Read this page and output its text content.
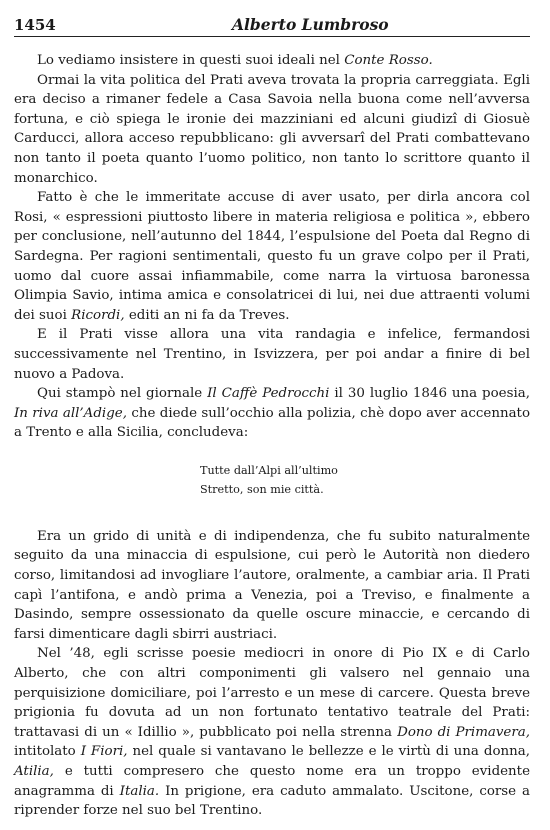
1454	Alberto Lumbroso

Lo vediamo insistere in questi suoi ideali nel Conte Rosso.

Ormai la vita politica del Prati aveva trovata la propria carreggiata. Egli era deciso a rimaner fedele a Casa Savoia nella buona come nell’avversa fortuna, e ciò spiega le ironie dei mazziniani ed alcuni giudizî di Giosuè Carducci, allora acceso repubblicano: gli avversarî del Prati combattevano non tanto il poeta quanto l’uomo politico, non tanto lo scrittore quanto il monarchico.

Fatto è che le immeritate accuse di aver usato, per dirla ancora col Rosi, « espressioni piuttosto libere in materia religiosa e politica », ebbero per conclusione, nell’autunno del 1844, l’espulsione del Poeta dal Regno di Sardegna. Per ragioni sentimentali, questo fu un grave colpo per il Prati, uomo dal cuore assai infiammabile, come narra la virtuosa baronessa Olimpia Savio, intima amica e consolatricei di lui, nei due attraenti volumi dei suoi Ricordi, editi an ni fa da Treves.

E il Prati visse allora una vita randagia e infelice, fermandosi successivamente nel Trentino, in Isvizzera, per poi andar a finire di bel nuovo a Padova.

Qui stampò nel giornale Il Caffè Pedrocchi il 30 luglio 1846 una poesia, In riva all’Adige, che diede sull’occhio alla polizia, chè dopo aver accennato a Trento e alla Sicilia, concludeva:

Tutte dall’Alpi all’ultimo
Stretto, son mie città.

Era un grido di unità e di indipendenza, che fu subito naturalmente seguito da una minaccia di espulsione, cui però le Autorità non diedero corso, limitandosi ad invogliare l’autore, oralmente, a cambiar aria. Il Prati capì l’antifona, e andò prima a Venezia, poi a Treviso, e finalmente a Dasindo, sempre ossessionato da quelle oscure minaccie, e cercando di farsi dimenticare dagli sbirri austriaci.

Nel ’48, egli scrisse poesie mediocri in onore di Pio IX e di Carlo Alberto, che con altri componimenti gli valsero nel gennaio una perquisizione domiciliare, poi l’arresto e un mese di carcere. Questa breve prigionia fu dovuta ad un non fortunato tentativo teatrale del Prati: trattavasi di un « Idillio », pubblicato poi nella strenna Dono di Primavera, intitolato I Fiori, nel quale si vantavano le bellezze e le virtù di una donna, Atilia, e tutti compresero che questo nome era un troppo evidente anagramma di Italia. In prigione, era caduto ammalato. Uscitone, corse a riprender forze nel suo bel Trentino.
